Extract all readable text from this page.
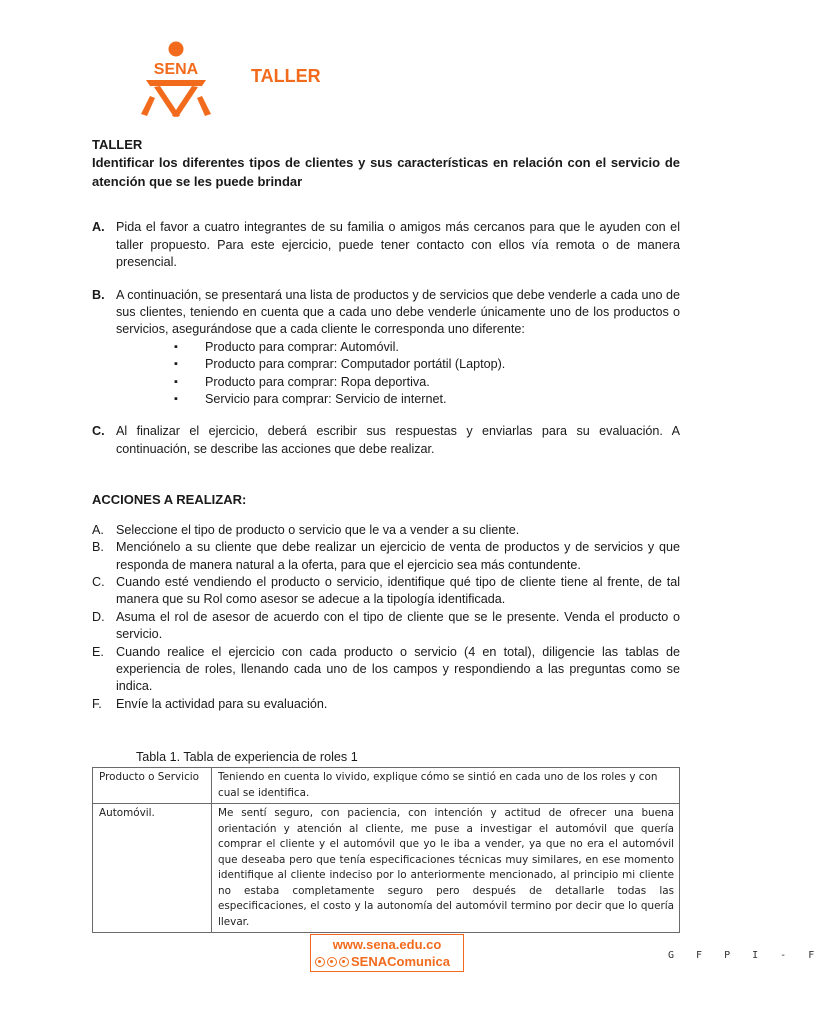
SENA	TALLER

TALLER

Identificar los diferentes tipos de clientes y sus características en relación con el servicio de atención que se les puede brindar

A. Pida el favor a cuatro integrantes de su familia o amigos más cercanos para que le ayuden con el taller propuesto. Para este ejercicio, puede tener contacto con ellos vía remota o de manera presencial.
B. A continuación, se presentará una lista de productos y de servicios que debe venderle a cada uno de sus clientes, teniendo en cuenta que a cada uno debe venderle únicamente uno de los productos o servicios, asegurándose que a cada cliente le corresponda uno diferente:
▪ Producto para comprar: Automóvil.
▪ Producto para comprar: Computador portátil (Laptop).
▪ Producto para comprar: Ropa deportiva.
▪ Servicio para comprar: Servicio de internet.
C. Al finalizar el ejercicio, deberá escribir sus respuestas y enviarlas para su evaluación. A continuación, se describe las acciones que debe realizar.
ACCIONES A REALIZAR:
A. Seleccione el tipo de producto o servicio que le va a vender a su cliente.
B. Menciónelo a su cliente que debe realizar un ejercicio de venta de productos y de servicios y que responda de manera natural a la oferta, para que el ejercicio sea más contundente.
C. Cuando esté vendiendo el producto o servicio, identifique qué tipo de cliente tiene al frente, de tal manera que su Rol como asesor se adecue a la tipología identificada.
D. Asuma el rol de asesor de acuerdo con el tipo de cliente que se le presente. Venda el producto o servicio.
E. Cuando realice el ejercicio con cada producto o servicio (4 en total), diligencie las tablas de experiencia de roles, llenando cada uno de los campos y respondiendo a las preguntas como se indica.
F.	Envíe la actividad para su evaluación.
Tabla 1. Tabla de experiencia de roles 1
Producto o Servicio	Teniendo en cuenta lo vivido, explique cómo se sintió en cada uno de los roles y con cual se identifica.
Automóvil.	Me sentí seguro, con paciencia, con intención y actitud de ofrecer una buena orientación y atención al cliente, me puse a investigar el automóvil que quería comprar el cliente y el automóvil que yo le iba a vender, ya que no era el automóvil que deseaba pero que tenía especificaciones técnicas muy similares, en ese momento identifique al cliente indeciso por lo anteriormente mencionado, al principio mi cliente no estaba completamente seguro pero después de detallarle todas las especificaciones, el costo y la autonomía del automóvil termino por decir que lo quería llevar.
www.sena.edu.co
SENAComunica	G F P I - F
